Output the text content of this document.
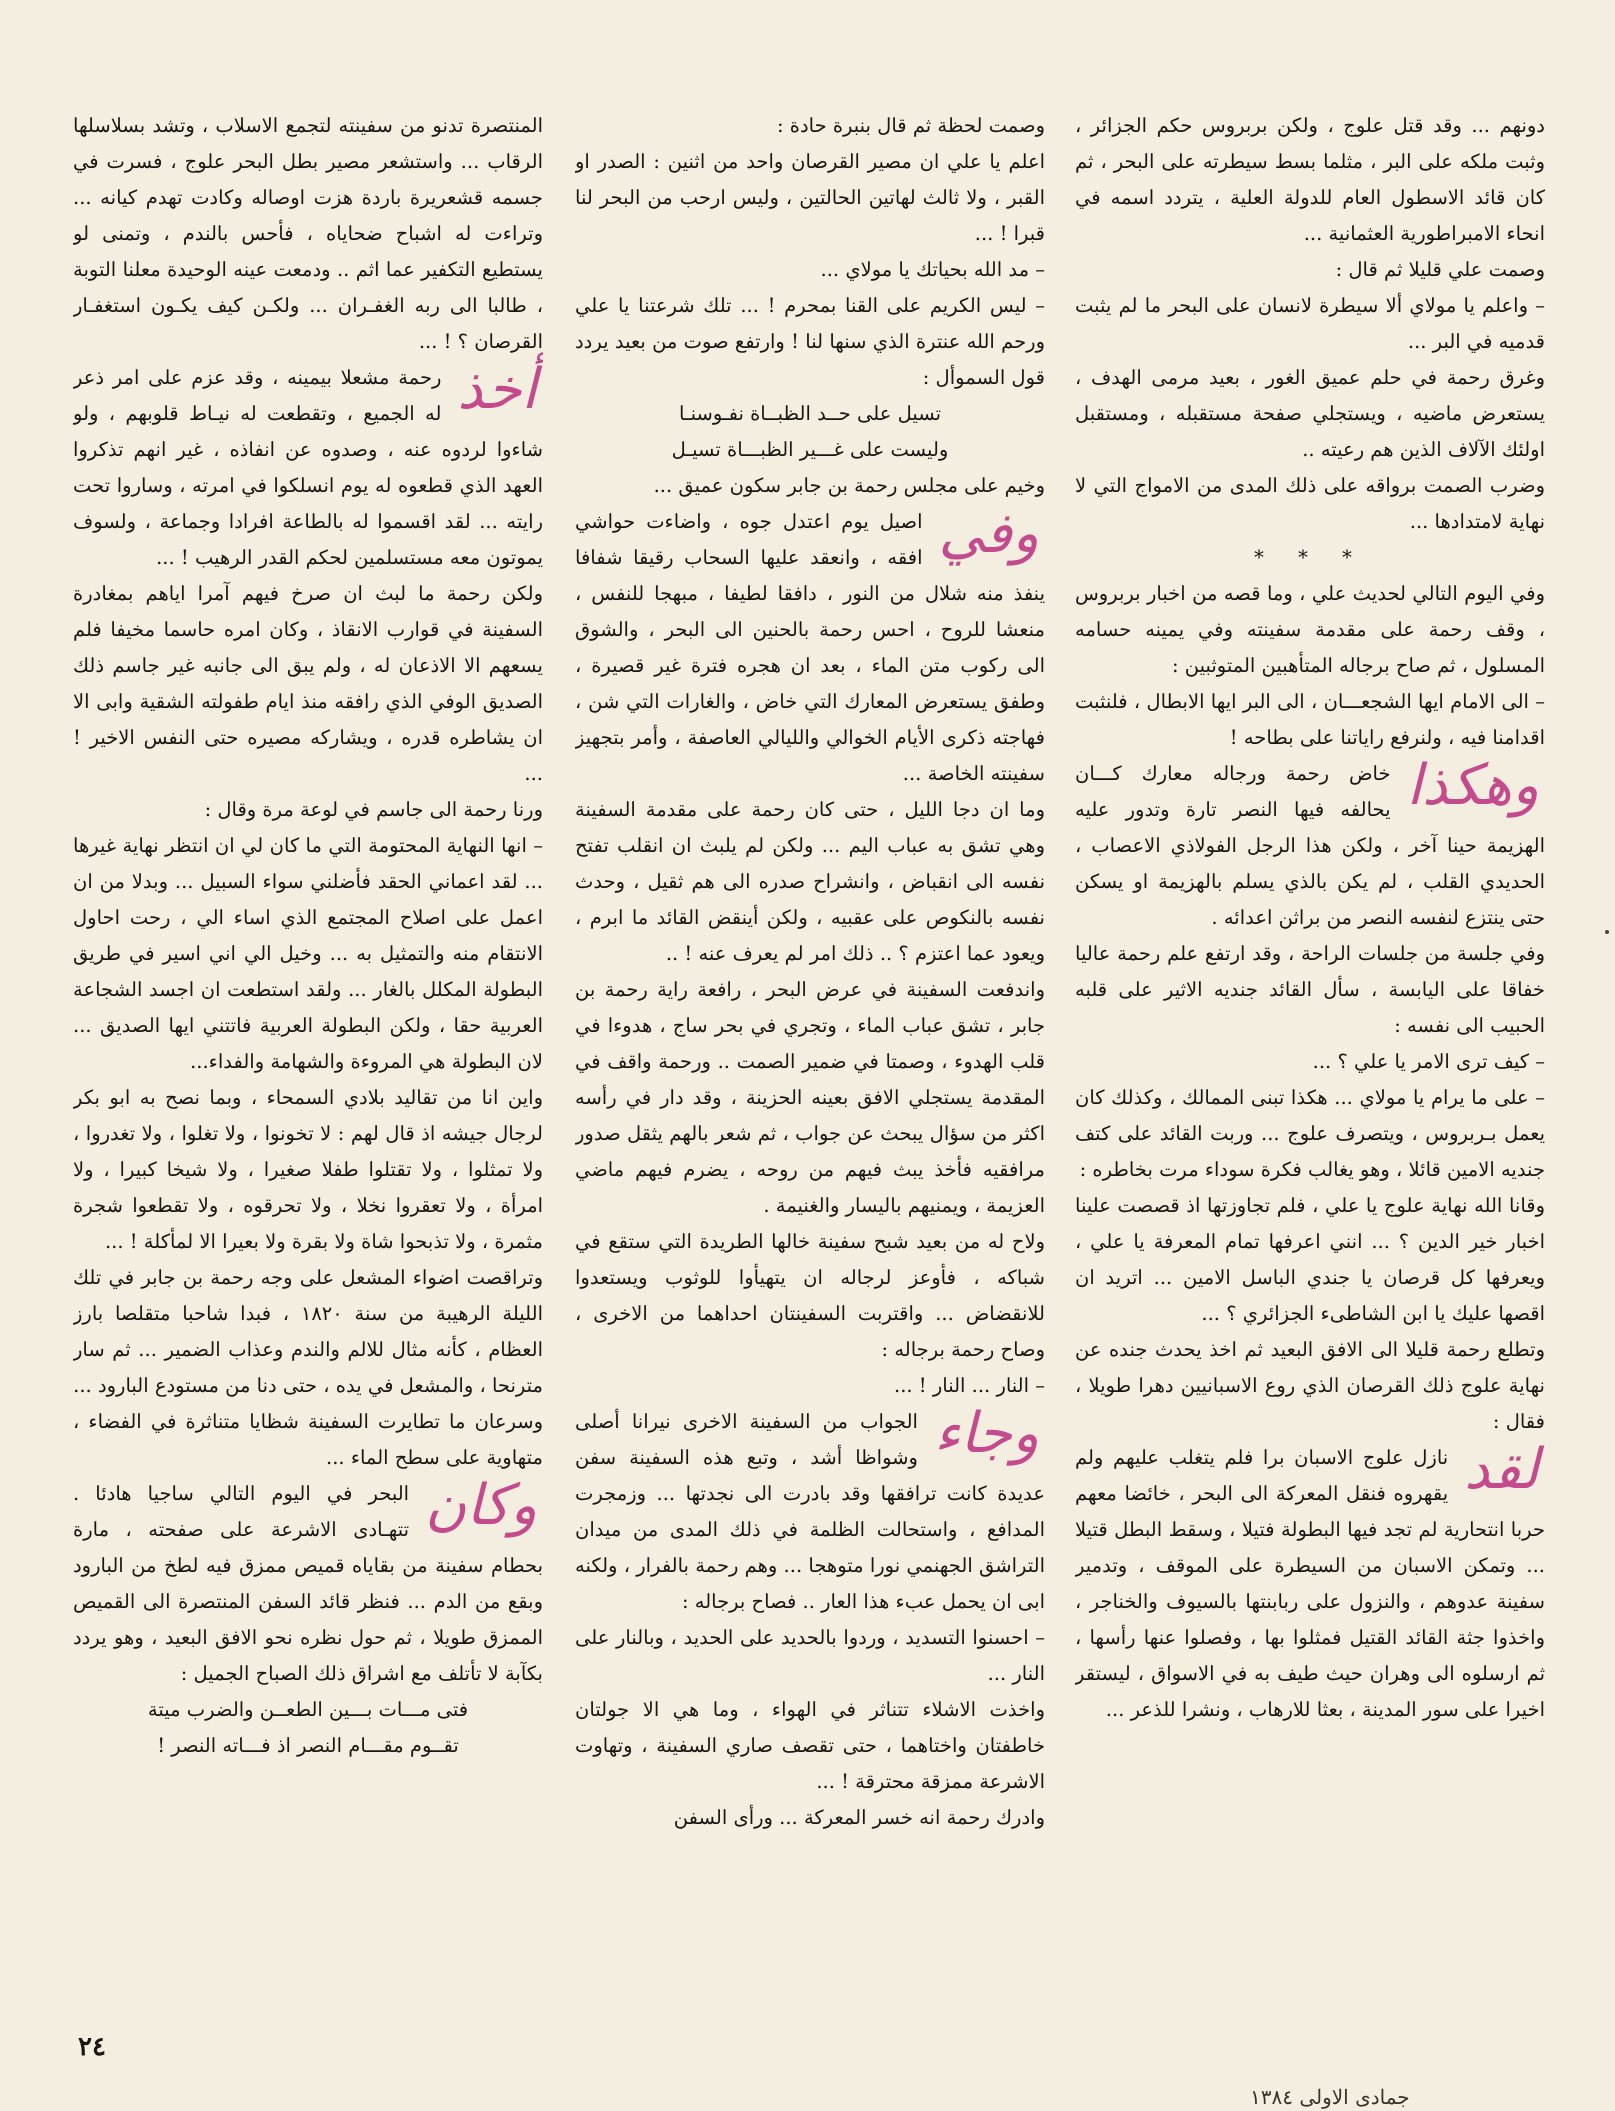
دونهم ... وقد قتل علوج ، ولكن بربروس حكم الجزائر ، وثبت ملكه على البر ، مثلما بسط سيطرته على البحر ، ثم كان قائد الاسطول العام للدولة العلية ، يتردد اسمه في انحاء الامبراطورية العثمانية ...

وصمت علي قليلا ثم قال :

– واعلم يا مولاي ألا سيطرة لانسان على البحر ما لم يثبت قدميه في البر ...

وغرق رحمة في حلم عميق الغور ، بعيد مرمى الهدف ، يستعرض ماضيه ، ويستجلي صفحة مستقبله ، ومستقبل اولئك الآلاف الذين هم رعيته ..

وضرب الصمت برواقه على ذلك المدى من الامواج التي لا نهاية لامتدادها ...

* * *

وفي اليوم التالي لحديث علي ، وما قصه من اخبار بربروس ، وقف رحمة على مقدمة سفينته وفي يمينه حسامه المسلول ، ثم صاح برجاله المتأهبين المتوثبين :

– الى الامام ايها الشجعـــان ، الى البر ايها الابطال ، فلنثبت اقدامنا فيه ، ولنرفع راياتنا على بطاحه !

وهكذا
خاض رحمة ورجاله معارك كـــان يحالفه فيها النصر تارة وتدور عليه الهزيمة حينا آخر ، ولكن هذا الرجل الفولاذي الاعصاب ، الحديدي القلب ، لم يكن بالذي يسلم بالهزيمة او يسكن حتى ينتزع لنفسه النصر من براثن اعدائه .

وفي جلسة من جلسات الراحة ، وقد ارتفع علم رحمة عاليا خفاقا على اليابسة ، سأل القائد جنديه الاثير على قلبه الحبيب الى نفسه :

– كيف ترى الامر يا علي ؟ ...

– على ما يرام يا مولاي ... هكذا تبنى الممالك ، وكذلك كان يعمل بـربروس ، ويتصرف علوج ... وربت القائد على كتف جنديه الامين قائلا ، وهو يغالب فكرة سوداء مرت بخاطره :

وقانا الله نهاية علوج يا علي ، فلم تجاوزتها اذ قصصت علينا اخبار خير الدين ؟ ... انني اعرفها تمام المعرفة يا علي ، ويعرفها كل قرصان يا جندي الباسل الامين ... اتريد ان اقصها عليك يا ابن الشاطىء الجزائري ؟ ...

وتطلع رحمة قليلا الى الافق البعيد ثم اخذ يحدث جنده عن نهاية علوج ذلك القرصان الذي روع الاسبانيين دهرا طويلا ، فقال :

لقد
نازل علوج الاسبان برا فلم يتغلب عليهم ولم يقهروه فنقل المعركة الى البحر ، خائضا معهم حربا انتحارية لم تجد فيها البطولة فتيلا ، وسقط البطل قتيلا ... وتمكن الاسبان من السيطرة على الموقف ، وتدمير سفينة عدوهم ، والنزول على ربابنتها بالسيوف والخناجر ، واخذوا جثة القائد القتيل فمثلوا بها ، وفصلوا عنها رأسها ، ثم ارسلوه الى وهران حيث طيف به في الاسواق ، ليستقر اخيرا على سور المدينة ، بعثا للارهاب ، ونشرا للذعر ...

وصمت لحظة ثم قال بنبرة حادة :

اعلم يا علي ان مصير القرصان واحد من اثنين : الصدر او القبر ، ولا ثالث لهاتين الحالتين ، وليس ارحب من البحر لنا قبرا ! ...

– مد الله بحياتك يا مولاي ...

– ليس الكريم على القنا بمحرم ! ... تلك شرعتنا يا علي ورحم الله عنترة الذي سنها لنا ! وارتفع صوت من بعيد يردد قول السموأل :

تسيل على حــد الظبــاة نفـوسنـا

وليست على غـــير الظبـــاة تسيـل

وخيم على مجلس رحمة بن جابر سكون عميق ...

وفي
اصيل يوم اعتدل جوه ، واضاءت حواشي افقه ، وانعقد عليها السحاب رقيقا شفافا ينفذ منه شلال من النور ، دافقا لطيفا ، مبهجا للنفس ، منعشا للروح ، احس رحمة بالحنين الى البحر ، والشوق الى ركوب متن الماء ، بعد ان هجره فترة غير قصيرة ، وطفق يستعرض المعارك التي خاض ، والغارات التي شن ، فهاجته ذكرى الأيام الخوالي والليالي العاصفة ، وأمر بتجهيز سفينته الخاصة ...

وما ان دجا الليل ، حتى كان رحمة على مقدمة السفينة وهي تشق به عباب اليم ... ولكن لم يلبث ان انقلب تفتح نفسه الى انقباض ، وانشراح صدره الى هم ثقيل ، وحدث نفسه بالنكوص على عقبيه ، ولكن أينقض القائد ما ابرم ، ويعود عما اعتزم ؟ .. ذلك امر لم يعرف عنه ! ..

واندفعت السفينة في عرض البحر ، رافعة راية رحمة بن جابر ، تشق عباب الماء ، وتجري في بحر ساج ، هدوءا في قلب الهدوء ، وصمتا في ضمير الصمت .. ورحمة واقف في المقدمة يستجلي الافق بعينه الحزينة ، وقد دار في رأسه اكثر من سؤال يبحث عن جواب ، ثم شعر بالهم يثقل صدور مرافقيه فأخذ يبث فيهم من روحه ، يضرم فيهم ماضي العزيمة ، ويمنيهم باليسار والغنيمة .

ولاح له من بعيد شبح سفينة خالها الطريدة التي ستقع في شباكه ، فأوعز لرجاله ان يتهيأوا للوثوب ويستعدوا للانقضاض ... واقتربت السفينتان احداهما من الاخرى ، وصاح رحمة برجاله :

– النار ... النار ! ...

وجاء
الجواب من السفينة الاخرى نيرانا أصلى وشواظا أشد ، وتبع هذه السفينة سفن عديدة كانت ترافقها وقد بادرت الى نجدتها ... وزمجرت المدافع ، واستحالت الظلمة في ذلك المدى من ميدان التراشق الجهنمي نورا متوهجا ... وهم رحمة بالفرار ، ولكنه ابى ان يحمل عبء هذا العار .. فصاح برجاله :

– احسنوا التسديد ، وردوا بالحديد على الحديد ، وبالنار على النار ...

واخذت الاشلاء تتناثر في الهواء ، وما هي الا جولتان خاطفتان واختاهما ، حتى تقصف صاري السفينة ، وتهاوت الاشرعة ممزقة محترقة ! ...

وادرك رحمة انه خسر المعركة ... ورأى السفن

المنتصرة تدنو من سفينته لتجمع الاسلاب ، وتشد بسلاسلها الرقاب ... واستشعر مصير بطل البحر علوج ، فسرت في جسمه قشعريرة باردة هزت اوصاله وكادت تهدم كيانه ... وتراءت له اشباح ضحاياه ، فأحس بالندم ، وتمنى لو يستطيع التكفير عما اثم .. ودمعت عينه الوحيدة معلنا التوبة ، طالبا الى ربه الغفـران ... ولكـن كيف يكـون استغفـار القرصان ؟ ! ...

أخذ
رحمة مشعلا بيمينه ، وقد عزم على امر ذعر له الجميع ، وتقطعت له نيـاط قلوبهم ، ولو شاءوا لردوه عنه ، وصدوه عن انفاذه ، غير انهم تذكروا العهد الذي قطعوه له يوم انسلكوا في امرته ، وساروا تحت رايته ... لقد اقسموا له بالطاعة افرادا وجماعة ، ولسوف يموتون معه مستسلمين لحكم القدر الرهيب ! ...

ولكن رحمة ما لبث ان صرخ فيهم آمرا اياهم بمغادرة السفينة في قوارب الانقاذ ، وكان امره حاسما مخيفا فلم يسعهم الا الاذعان له ، ولم يبق الى جانبه غير جاسم ذلك الصديق الوفي الذي رافقه منذ ايام طفولته الشقية وابى الا ان يشاطره قدره ، ويشاركه مصيره حتى النفس الاخير ! ...

ورنا رحمة الى جاسم في لوعة مرة وقال :

– انها النهاية المحتومة التي ما كان لي ان انتظر نهاية غيرها ... لقد اعماني الحقد فأضلني سواء السبيل ... وبدلا من ان اعمل على اصلاح المجتمع الذي اساء الي ، رحت احاول الانتقام منه والتمثيل به ... وخيل الي اني اسير في طريق البطولة المكلل بالغار ... ولقد استطعت ان اجسد الشجاعة العربية حقا ، ولكن البطولة العربية فاتتني ايها الصديق ... لان البطولة هي المروءة والشهامة والفداء...

واين انا من تقاليد بلادي السمحاء ، وبما نصح به ابو بكر لرجال جيشه اذ قال لهم : لا تخونوا ، ولا تغلوا ، ولا تغدروا ، ولا تمثلوا ، ولا تقتلوا طفلا صغيرا ، ولا شيخا كبيرا ، ولا امرأة ، ولا تعقروا نخلا ، ولا تحرقوه ، ولا تقطعوا شجرة مثمرة ، ولا تذبحوا شاة ولا بقرة ولا بعيرا الا لمأكلة ! ...

وتراقصت اضواء المشعل على وجه رحمة بن جابر في تلك الليلة الرهيبة من سنة ١٨٢٠ ، فبدا شاحبا متقلصا بارز العظام ، كأنه مثال للالم والندم وعذاب الضمير ... ثم سار مترنحا ، والمشعل في يده ، حتى دنا من مستودع البارود ...

وسرعان ما تطايرت السفينة شظايا متناثرة في الفضاء ، متهاوية على سطح الماء ...

وكان
البحر في اليوم التالي ساجيا هادئا . تتهـادى الاشرعة على صفحته ، مارة بحطام سفينة من بقاياه قميص ممزق فيه لطخ من البارود وبقع من الدم ... فنظر قائد السفن المنتصرة الى القميص الممزق طويلا ، ثم حول نظره نحو الافق البعيد ، وهو يردد بكآبة لا تأتلف مع اشراق ذلك الصباح الجميل :

فتى مـــات بـــين الطعــن والضرب ميتة

تقــوم مقـــام النصر اذ فـــاته النصر !

٢٤
جمادى الاولى ١٣٨٤
